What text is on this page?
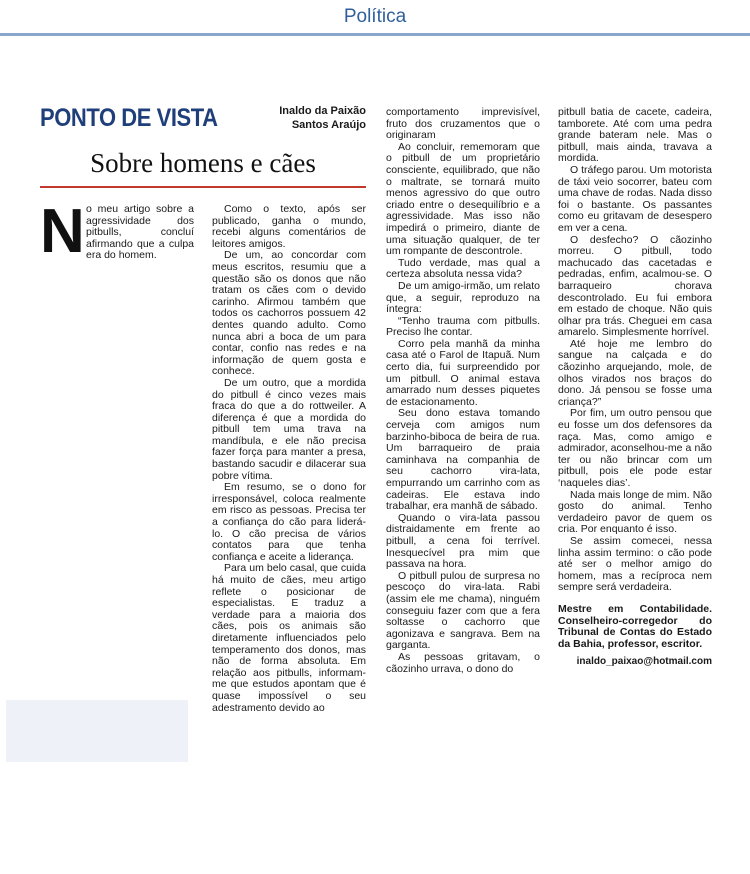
Política
PONTO DE VISTA	Inaldo da Paixão
Santos Araújo
Sobre homens e cães
N o meu artigo sobre a agressividade dos pitbulls, concluí afirmando que a culpa era do homem.

Como o texto, após ser publicado, ganha o mundo, recebi alguns comentários de leitores amigos.

De um, ao concordar com meus escritos, resumiu que a questão são os donos que não tratam os cães com o devido carinho. Afirmou também que todos os cachorros possuem 42 dentes quando adulto. Como nunca abri a boca de um para contar, confio nas redes e na informação de quem gosta e conhece.

De um outro, que a mordida do pitbull é cinco vezes mais fraca do que a do rottweiler. A diferença é que a mordida do pitbull tem uma trava na mandíbula, e ele não precisa fazer força para manter a presa, bastando sacudir e dilacerar sua pobre vítima.

Em resumo, se o dono for irresponsável, coloca realmente em risco as pessoas. Precisa ter a confiança do cão para liderá-lo. O cão precisa de vários contatos para que tenha confiança e aceite a liderança.

Para um belo casal, que cuida há muito de cães, meu artigo reflete o posicionar de especialistas. E traduz a verdade para a maioria dos cães, pois os animais são diretamente influenciados pelo temperamento dos donos, mas não de forma absoluta. Em relação aos pitbulls, informam-me que estudos apontam que é quase impossível o seu adestramento devido ao

comportamento imprevisível, fruto dos cruzamentos que o originaram

Ao concluir, rememoram que o pitbull de um proprietário consciente, equilibrado, que não o maltrate, se tornará muito menos agressivo do que outro criado entre o desequilíbrio e a agressividade. Mas isso não impedirá o primeiro, diante de uma situação qualquer, de ter um rompante de descontrole.

Tudo verdade, mas qual a certeza absoluta nessa vida?

De um amigo-irmão, um relato que, a seguir, reproduzo na íntegra:

“Tenho trauma com pitbulls. Preciso lhe contar.

Corro pela manhã da minha casa até o Farol de Itapuã. Num certo dia, fui surpreendido por um pitbull. O animal estava amarrado num desses piquetes de estacionamento.

Seu dono estava tomando cerveja com amigos num barzinho-biboca de beira de rua. Um barraqueiro de praia caminhava na companhia de seu cachorro vira-lata, empurrando um carrinho com as cadeiras. Ele estava indo trabalhar, era manhã de sábado.

Quando o vira-lata passou distraidamente em frente ao pitbull, a cena foi terrível. Inesquecível pra mim que passava na hora.

O pitbull pulou de surpresa no pescoço do vira-lata. Rabi (assim ele me chama), ninguém conseguiu fazer com que a fera soltasse o cachorro que agonizava e sangrava. Bem na garganta.

As pessoas gritavam, o cãozinho urrava, o dono do

pitbull batia de cacete, cadeira, tamborete. Até com uma pedra grande bateram nele. Mas o pitbull, mais ainda, travava a mordida.

O tráfego parou. Um motorista de táxi veio socorrer, bateu com uma chave de rodas. Nada disso foi o bastante. Os passantes como eu gritavam de desespero em ver a cena.

O desfecho? O cãozinho morreu. O pitbull, todo machucado das cacetadas e pedradas, enfim, acalmou-se. O barraqueiro chorava descontrolado. Eu fui embora em estado de choque. Não quis olhar pra trás. Cheguei em casa amarelo. Simplesmente horrível.

Até hoje me lembro do sangue na calçada e do cãozinho arquejando, mole, de olhos virados nos braços do dono. Já pensou se fosse uma criança?”

Por fim, um outro pensou que eu fosse um dos defensores da raça. Mas, como amigo e admirador, aconselhou-me a não ter ou não brincar com um pitbull, pois ele pode estar ‘naqueles dias’.

Nada mais longe de mim. Não gosto do animal. Tenho verdadeiro pavor de quem os cria. Por enquanto é isso.

Se assim comecei, nessa linha assim termino: o cão pode até ser o melhor amigo do homem, mas a recíproca nem sempre será verdadeira.

Mestre em Contabilidade. Conselheiro-corregedor do Tribunal de Contas do Estado da Bahia, professor, escritor.

inaldo_paixao@hotmail.com
